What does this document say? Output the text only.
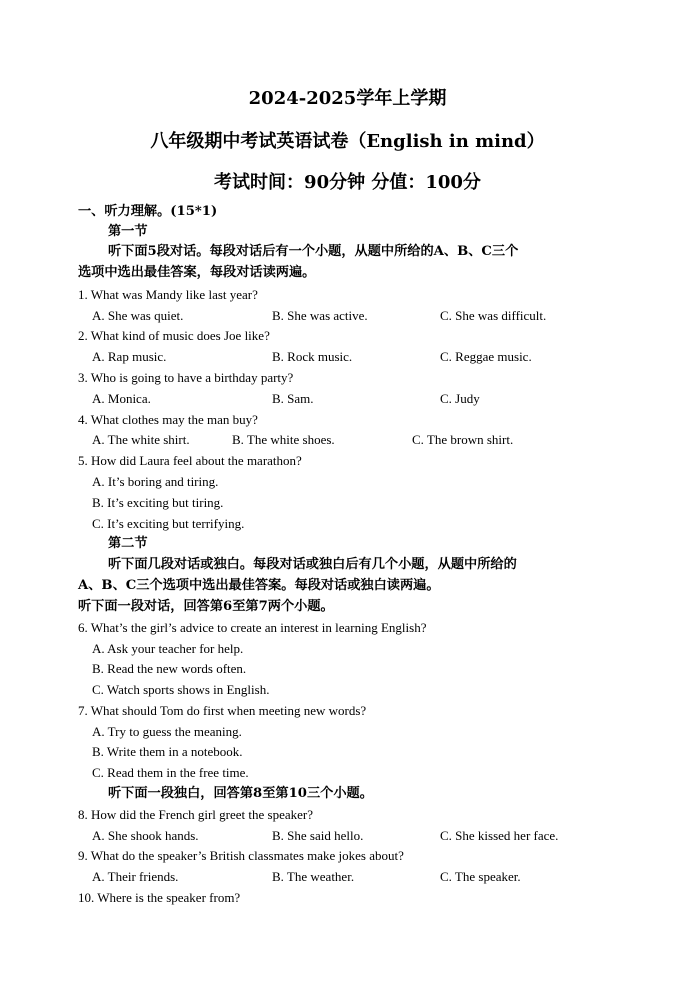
2024-2025学年上学期
八年级期中考试英语试卷（English in mind）
考试时间：90分钟 分值：100分
一、听力理解。(15*1)
第一节
听下面5段对话。每段对话后有一个小题，从题中所给的A、B、C三个
选项中选出最佳答案，每段对话读两遍。
1. What was Mandy like last year?
A. She was quiet.	B. She was active.	C. She was difficult.
2. What kind of music does Joe like?
A. Rap music.	B. Rock music.	C. Reggae music.
3. Who is going to have a birthday party?
A. Monica.	B. Sam.	C. Judy
4. What clothes may the man buy?
A. The white shirt.	B. The white shoes.	C. The brown shirt.
5. How did Laura feel about the marathon?
A. It’s boring and tiring.
B. It’s exciting but tiring.
C. It’s exciting but terrifying.
第二节
听下面几段对话或独白。每段对话或独白后有几个小题，从题中所给的
A、B、C三个选项中选出最佳答案。每段对话或独白读两遍。
听下面一段对话，回答第6至第7两个小题。
6. What’s the girl’s advice to create an interest in learning English?
A. Ask your teacher for help.
B. Read the new words often.
C. Watch sports shows in English.
7. What should Tom do first when meeting new words?
A. Try to guess the meaning.
B. Write them in a notebook.
C. Read them in the free time.
听下面一段独白，回答第8至第10三个小题。
8. How did the French girl greet the speaker?
A. She shook hands.	B. She said hello.	C. She kissed her face.
9. What do the speaker’s British classmates make jokes about?
A. Their friends.	B. The weather.	C. The speaker.
10. Where is the speaker from?
